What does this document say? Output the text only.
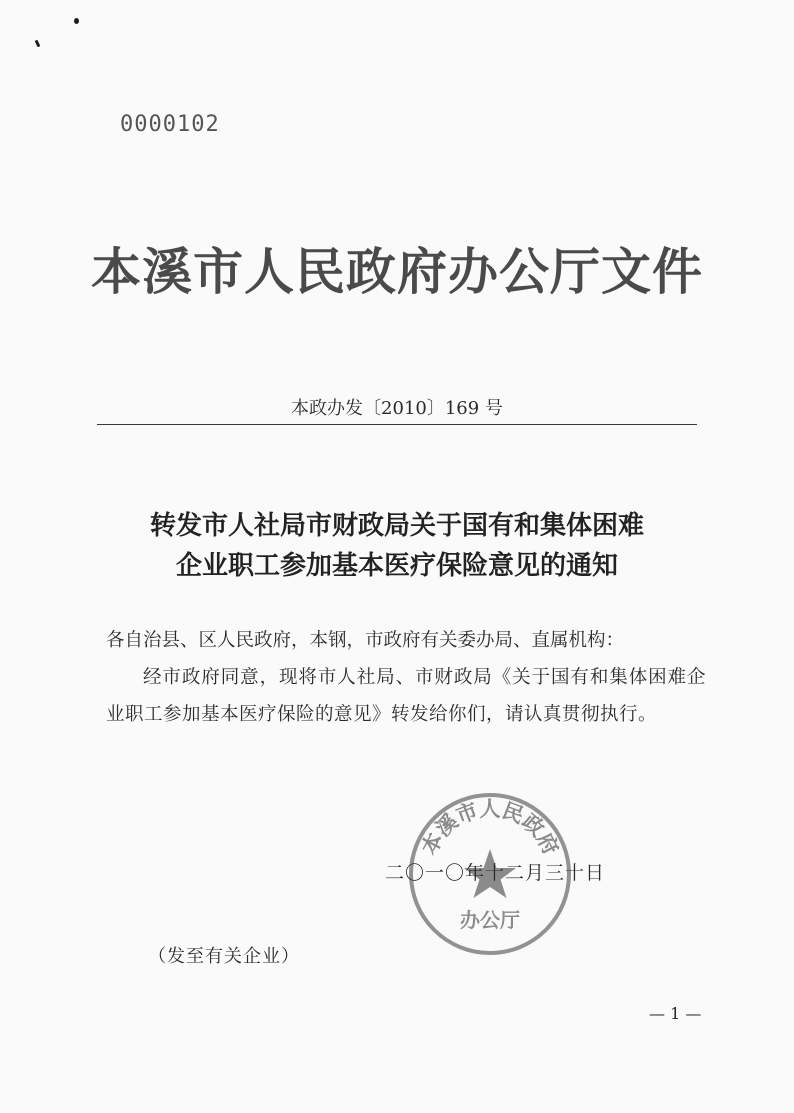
0000102
本溪市人民政府办公厅文件
本政办发〔2010〕169 号
转发市人社局市财政局关于国有和集体困难
企业职工参加基本医疗保险意见的通知
各自治县、区人民政府，本钢，市政府有关委办局、直属机构：
经市政府同意，现将市人社局、市财政局《关于国有和集体困难企业职工参加基本医疗保险的意见》转发给你们，请认真贯彻执行。
本溪市人民政府
办公厅
二〇一〇年十二月三十日
（发至有关企业）
— 1 —
